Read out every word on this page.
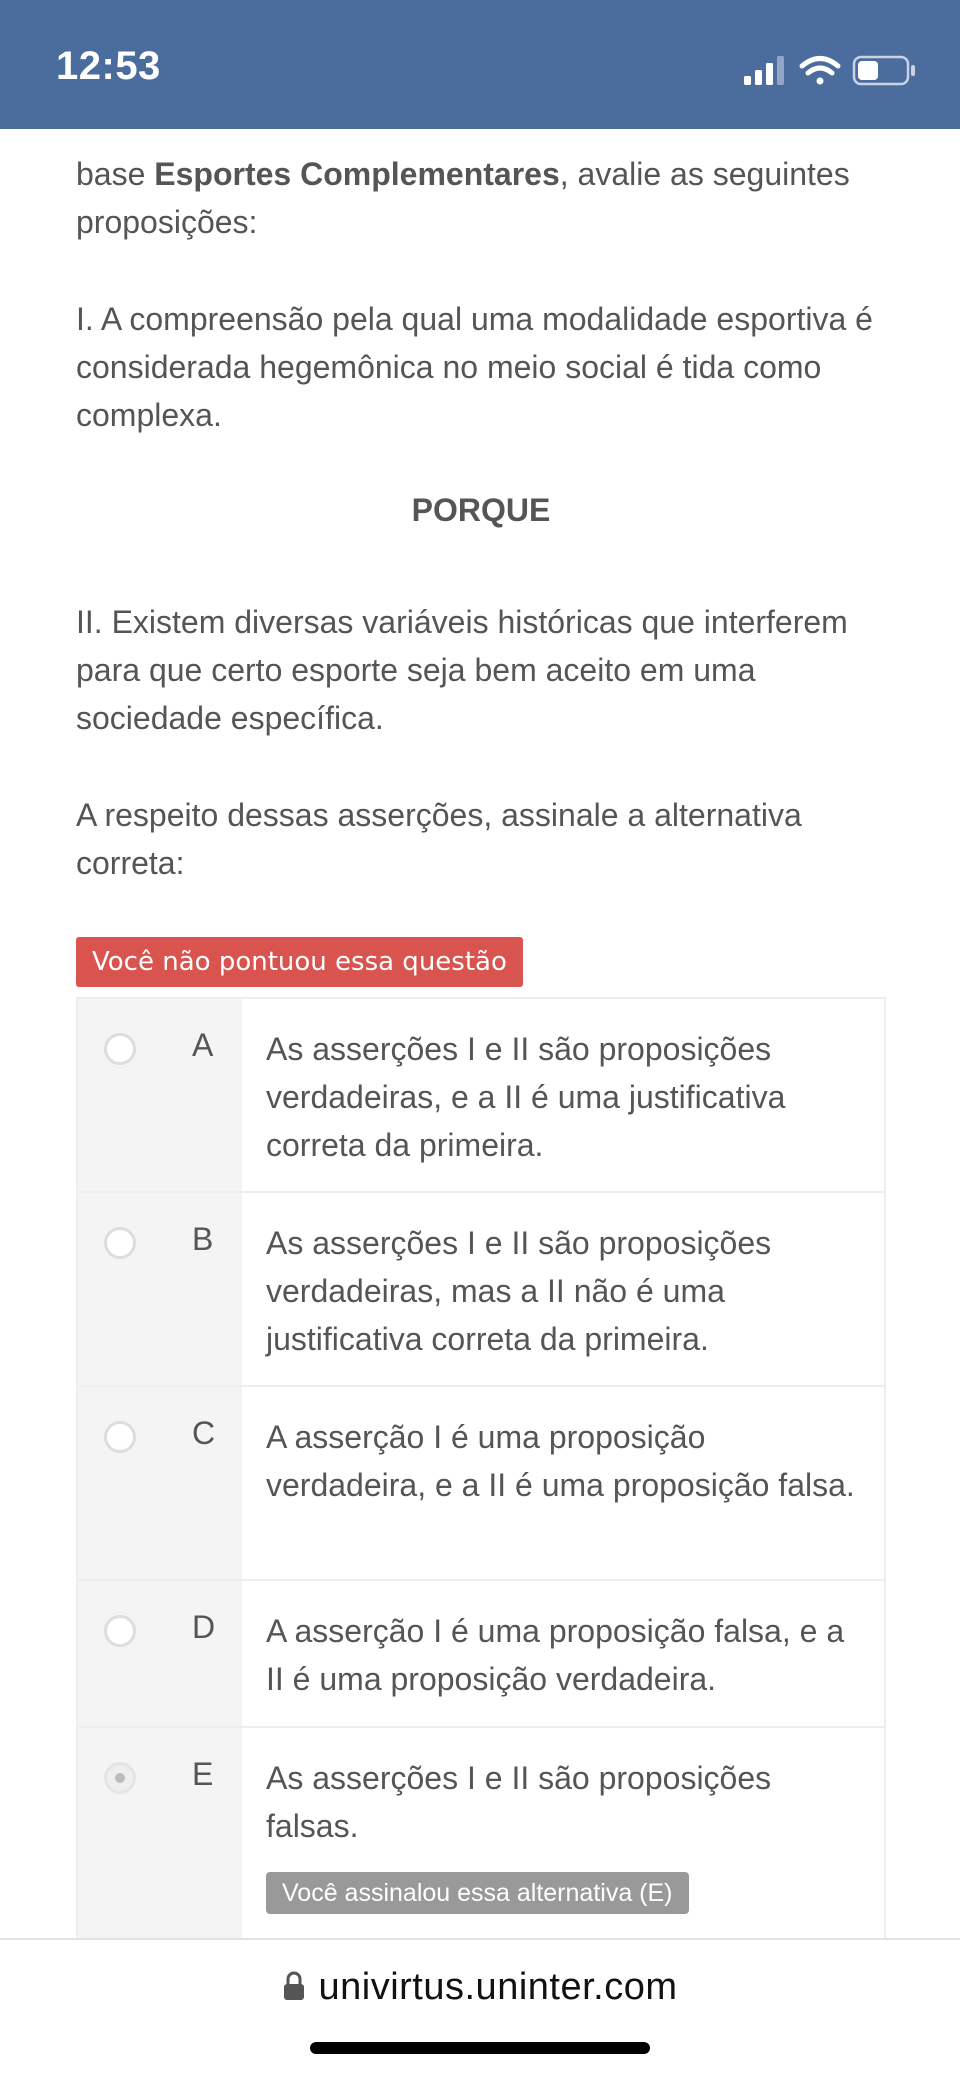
12:53

base Esportes Complementares, avalie as seguintes proposições:

I. A compreensão pela qual uma modalidade esportiva é considerada hegemônica no meio social é tida como complexa.

PORQUE

II. Existem diversas variáveis históricas que interferem para que certo esporte seja bem aceito em uma sociedade específica.

A respeito dessas asserções, assinale a alternativa correta:

Você não pontuou essa questão
A	As asserções I e II são proposições verdadeiras, e a II é uma justificativa correta da primeira.
B	As asserções I e II são proposições verdadeiras, mas a II não é uma justificativa correta da primeira.
C	A asserção I é uma proposição verdadeira, e a II é uma proposição falsa.
D	A asserção I é uma proposição falsa, e a II é uma proposição verdadeira.
E As asserções I e II são proposições falsas.
Você assinalou essa alternativa (E)
univirtus.uninter.com
